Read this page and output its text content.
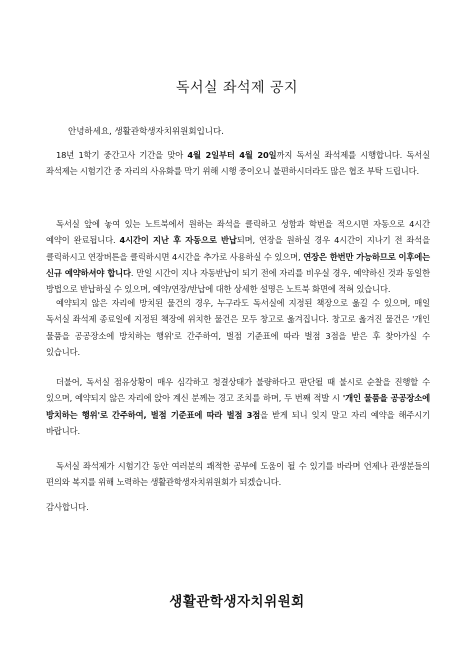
독서실 좌석제 공지
안녕하세요, 생활관학생자치위원회입니다.
18년 1학기 중간고사 기간을 맞아 4월 2일부터 4월 20일까지 독서실 좌석제를 시행합니다. 독서실 좌석제는 시험기간 중 자리의 사유화를 막기 위해 시행 중이오니 불편하시더라도 많은 협조 부탁 드립니다.
독서실 앞에 놓여 있는 노트북에서 원하는 좌석을 클릭하고 성함과 학번을 적으시면 자동으로 4시간 예약이 완료됩니다. 4시간이 지난 후 자동으로 반납되며, 연장을 원하실 경우 4시간이 지나기 전 좌석을 클릭하시고 연장버튼을 클릭하시면 4시간을 추가로 사용하실 수 있으며, 연장은 한번만 가능하므로 이후에는 신규 예약하셔야 합니다. 만일 시간이 지나 자동반납이 되기 전에 자리를 비우실 경우, 예약하신 것과 동일한 방법으로 반납하실 수 있으며, 예약/연장/반납에 대한 상세한 설명은 노트북 화면에 적혀 있습니다.
예약되지 않은 자리에 방치된 물건의 경우, 누구라도 독서실에 지정된 책장으로 옮길 수 있으며, 매일 독서실 좌석제 종료일에 지정된 책장에 위치한 물건은 모두 창고로 옮겨집니다. 창고로 옮겨진 물건은 '개인 물품을 공공장소에 방치하는 행위'로 간주하여, 벌점 기준표에 따라 벌점 3점을 받은 후 찾아가실 수 있습니다.
더불어, 독서실 점유상황이 매우 심각하고 청결상태가 불량하다고 판단될 때 불시로 순찰을 진행할 수 있으며, 예약되지 않은 자리에 앉아 계신 분께는 경고 조치를 하며, 두 번째 적발 시 '개인 물품을 공공장소에 방치하는 행위'로 간주하여, 벌점 기준표에 따라 벌점 3점을 받게 되니 잊지 말고 자리 예약을 해주시기 바랍니다.
독서실 좌석제가 시험기간 동안 여러분의 쾌적한 공부에 도움이 될 수 있기를 바라며 언제나 관생분들의 편의와 복지를 위해 노력하는 생활관학생자치위원회가 되겠습니다.
감사합니다.
생활관학생자치위원회
